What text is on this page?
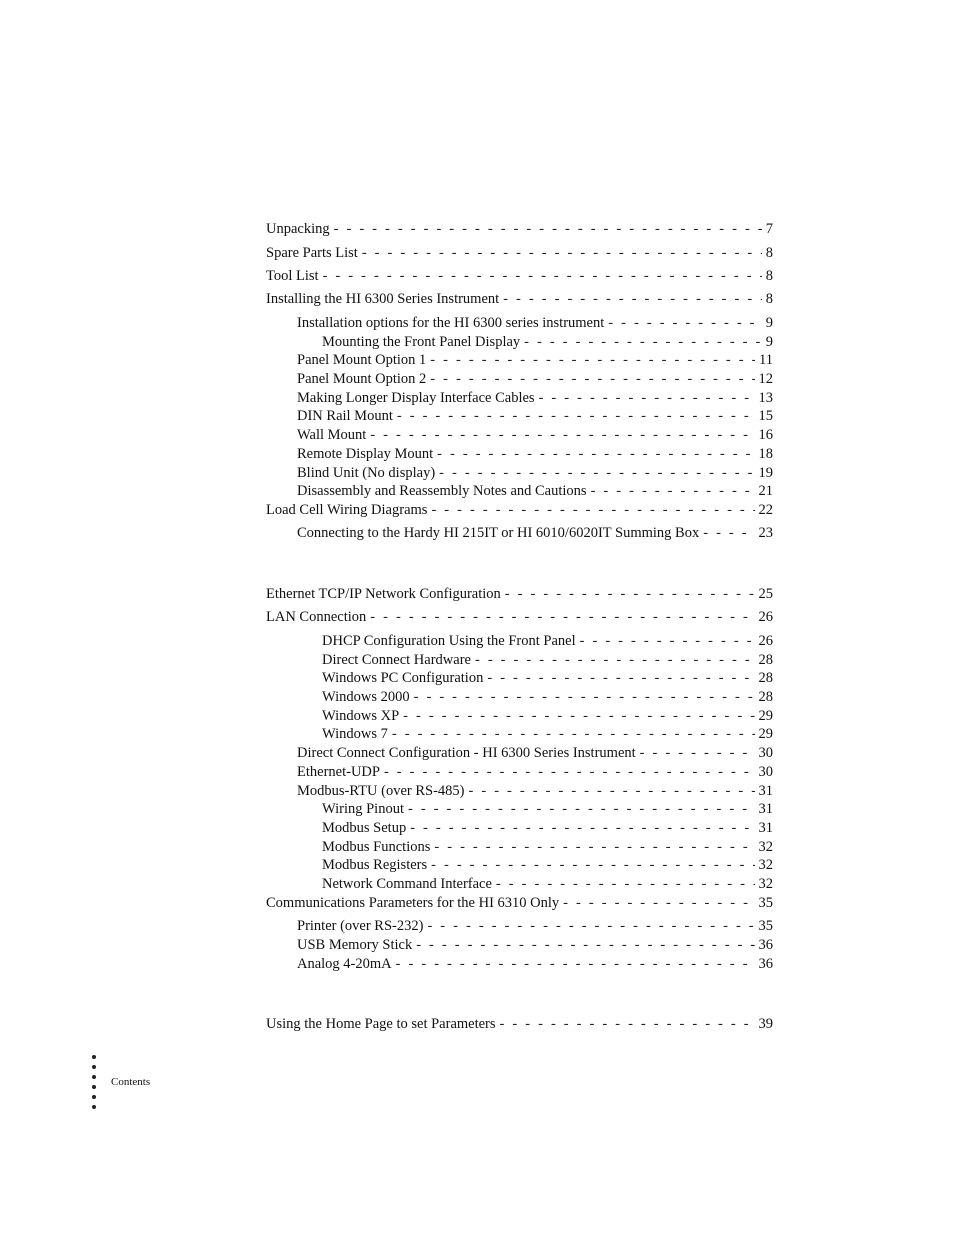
Unpacking - - -	7
Spare Parts List - - -	8
Tool List - - -	8
Installing the HI 6300 Series Instrument - - -	8
Installation options for the HI 6300 series instrument - - -	9
Mounting the Front Panel Display - - -	9
Panel Mount Option 1 - - -	11
Panel Mount Option 2 - - -	12
Making Longer Display Interface Cables - - -	13
DIN Rail Mount - - -	15
Wall Mount - - -	16
Remote Display Mount - - -	18
Blind Unit (No display) - - -	19
Disassembly and Reassembly Notes and Cautions - - -	21
Load Cell Wiring Diagrams - - -	22
Connecting to the Hardy HI 215IT or HI 6010/6020IT Summing Box - - -	23
Ethernet TCP/IP Network Configuration - - -	25
LAN Connection - - -	26
DHCP Configuration Using the Front Panel - - -	26
Direct Connect Hardware - - -	28
Windows PC Configuration - - -	28
Windows 2000 - - -	28
Windows XP - - -	29
Windows 7 - - -	29
Direct Connect Configuration - HI 6300 Series Instrument - - -	30
Ethernet-UDP - - -	30
Modbus-RTU (over RS-485) - - -	31
Wiring Pinout - - -	31
Modbus Setup - - -	31
Modbus Functions - - -	32
Modbus Registers - - -	32
Network Command Interface - - -	32
Communications Parameters for the HI 6310 Only - - -	35
Printer (over RS-232) - - -	35
USB Memory Stick - - -	36
Analog 4-20mA - - -	36
Using the Home Page to set Parameters - - -	39
Contents
